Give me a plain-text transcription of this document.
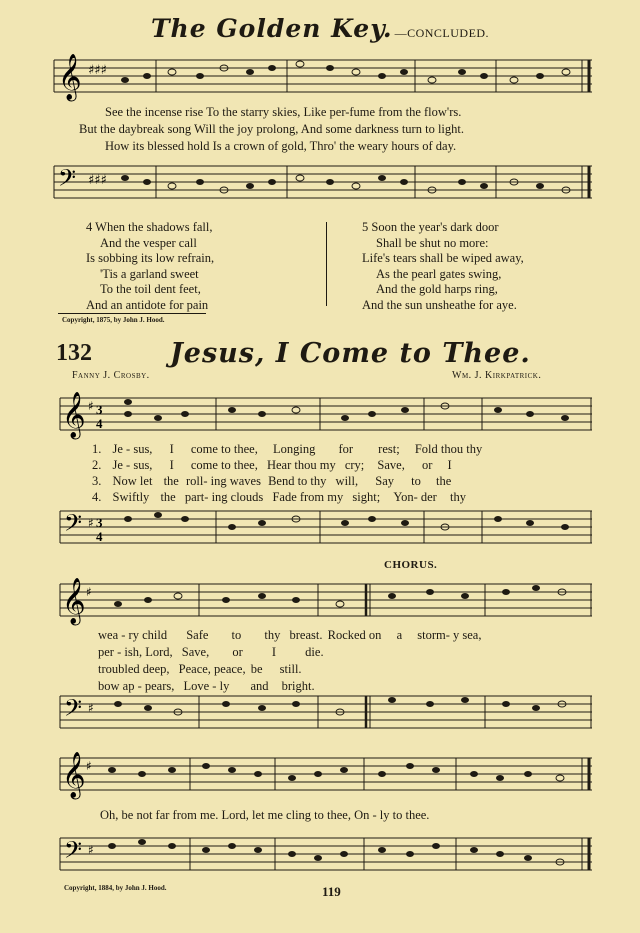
The Golden Key. —CONCLUDED.
𝄞 ♯♯♯
See the incense rise To the starry skies, Like per-fume from the flow'rs.
But the daybreak song Will the joy prolong, And some darkness turn to light.
How its blessed hold Is a crown of gold, Thro' the weary hours of day.
𝄢 ♯♯♯
4 When the shadows fall,
And the vesper call
Is sobbing its low refrain,
'Tis a garland sweet
To the toil dent feet,
And an antidote for pain
5 Soon the year's dark door
Shall be shut no more:
Life's tears shall be wiped away,
As the pearl gates swing,
And the gold harps ring,
And the sun unsheathe for aye.
Copyright, 1875, by John J. Hood.
132	Jesus, I Come to Thee.
Fanny J. Crosby.	Wm. J. Kirkpatrick.
𝄞 ♯ 3
4
1. Je - sus, I come to thee, Longing for rest; Fold thou thy
2. Je - sus, I come to thee, Hear thou my cry; Save, or I
3. Now let the roll- ing waves Bend to thy will, Say to the
4. Swiftly the part- ing clouds Fade from my sight; Yon- der thy
𝄢 ♯ 3
4
CHORUS.
𝄞 ♯
wea - ry child Safe to thy breast. Rocked on a storm- y sea,
per - ish, Lord, Save, or I die.
troubled deep, Peace, peace, be still.
bow ap - pears, Love - ly and bright.
𝄢 ♯
𝄞 ♯
Oh, be not far from me. Lord, let me cling to thee, On - ly to thee.
𝄢 ♯
Copyright, 1884, by John J. Hood.	119
